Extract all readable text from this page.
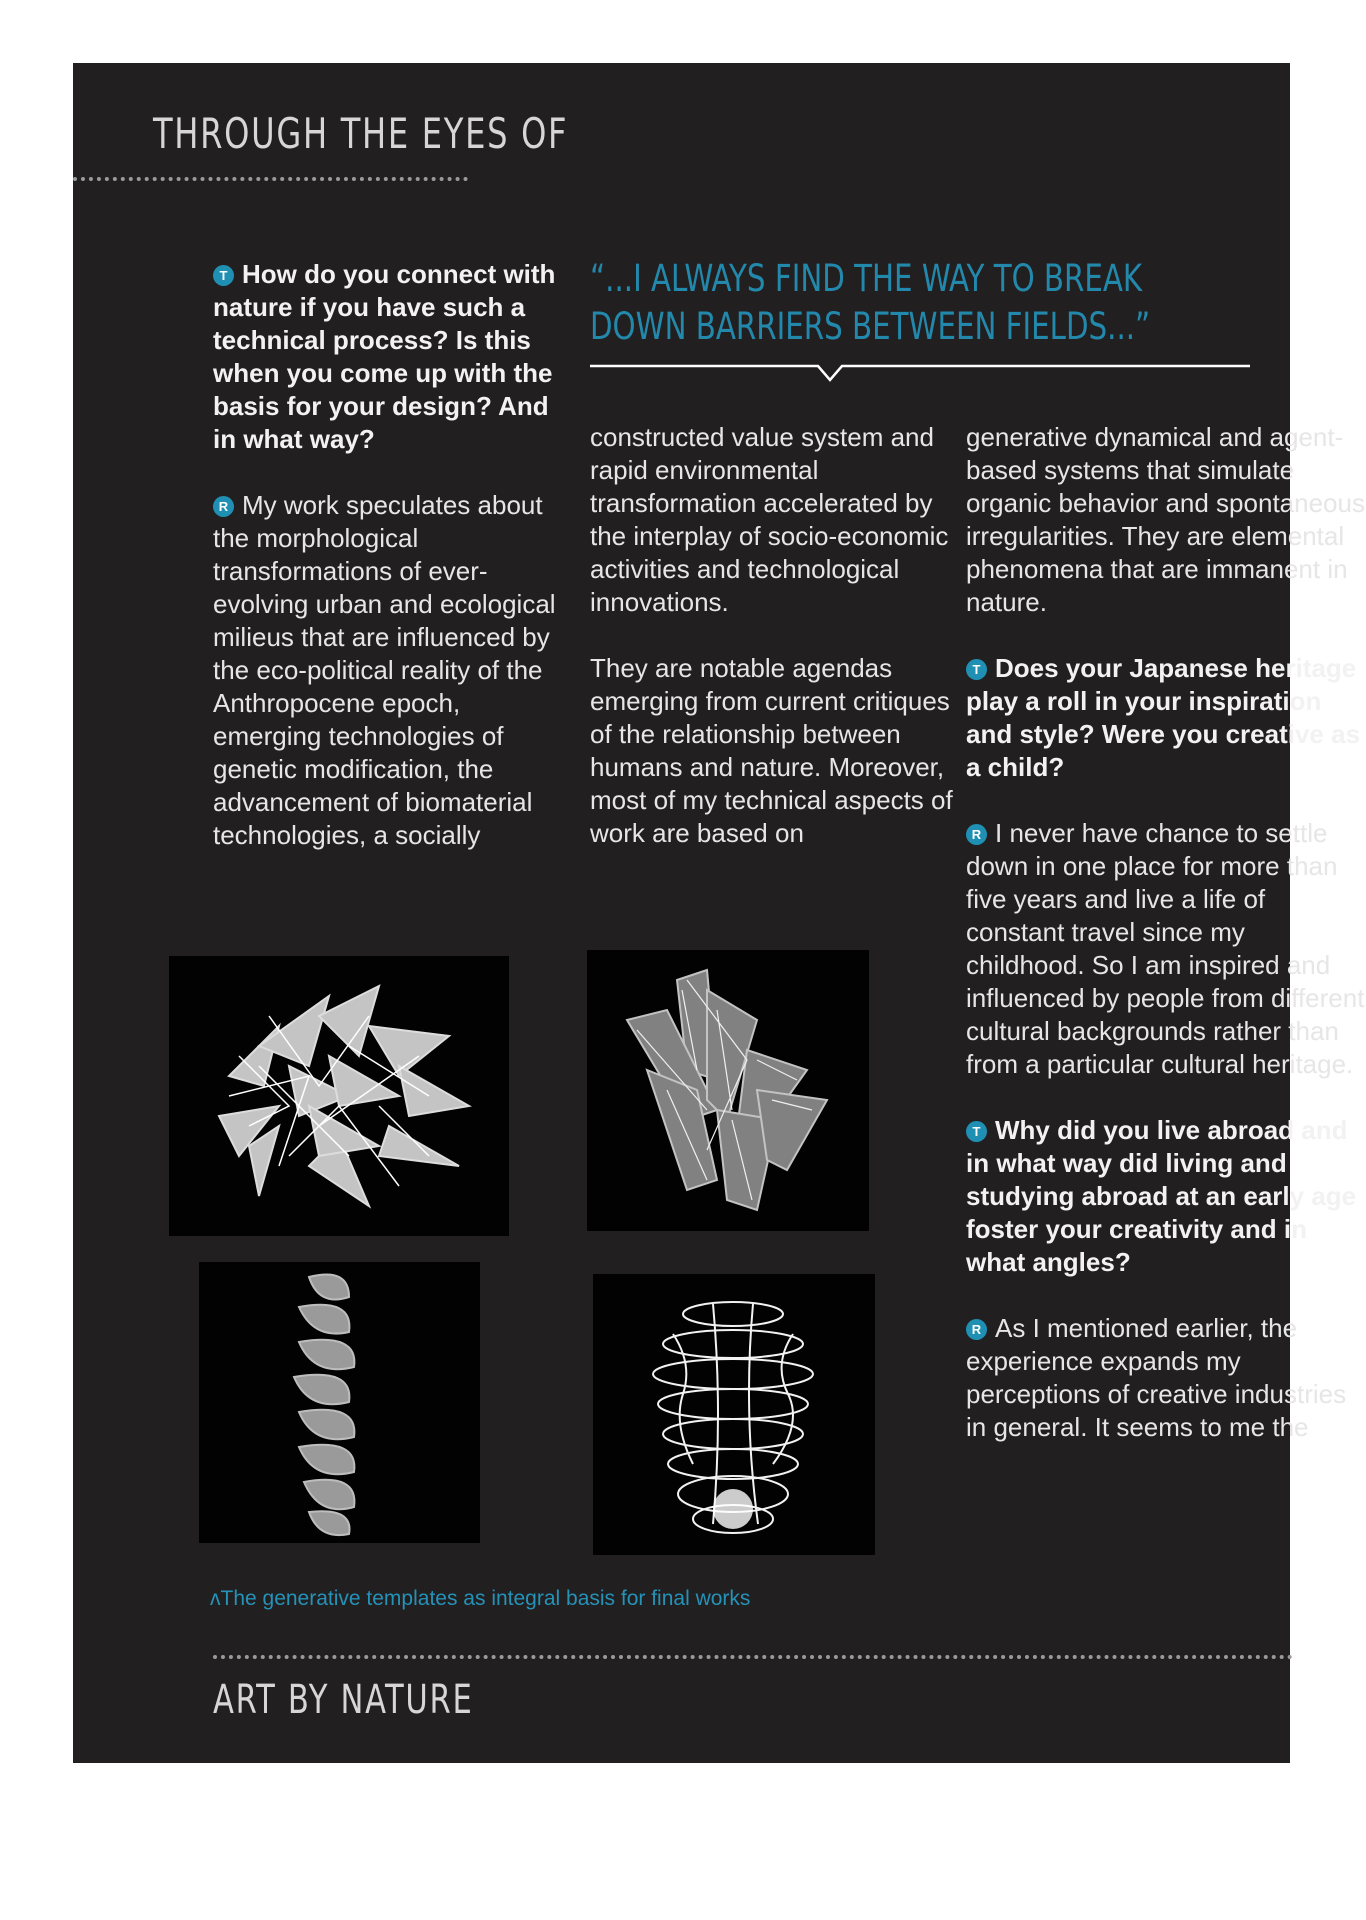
THROUGH THE EYES OF

T How do you connect with nature if you have such a technical process? Is this when you come up with the basis for your design? And in what way?

R My work speculates about the morphological transformations of ever-evolving urban and ecological milieus that are influenced by the eco-political reality of the Anthropocene epoch, emerging technologies of genetic modification, the advancement of biomaterial technologies, a socially

“...I ALWAYS FIND THE WAY TO BREAK DOWN BARRIERS BETWEEN FIELDS...”

constructed value system and rapid environmental transformation accelerated by the interplay of socio-economic activities and technological innovations.

They are notable agendas emerging from current critiques of the relationship between humans and nature. Moreover, most of my technical aspects of work are based on

generative dynamical and agent-based systems that simulate organic behavior and spontaneous irregularities. They are elemental phenomena that are immanent in nature.

T Does your Japanese heritage play a roll in your inspiration and style? Were you creative as a child?

R I never have chance to settle down in one place for more than five years and live a life of constant travel since my childhood. So I am inspired and influenced by people from different cultural backgrounds rather than from a particular cultural heritage.

T Why did you live abroad and in what way did living and studying abroad at an early age foster your creativity and in what angles?

R As I mentioned earlier, the experience expands my perceptions of creative industries in general. It seems to me the

ʌThe generative templates as integral basis for final works

ART BY NATURE
